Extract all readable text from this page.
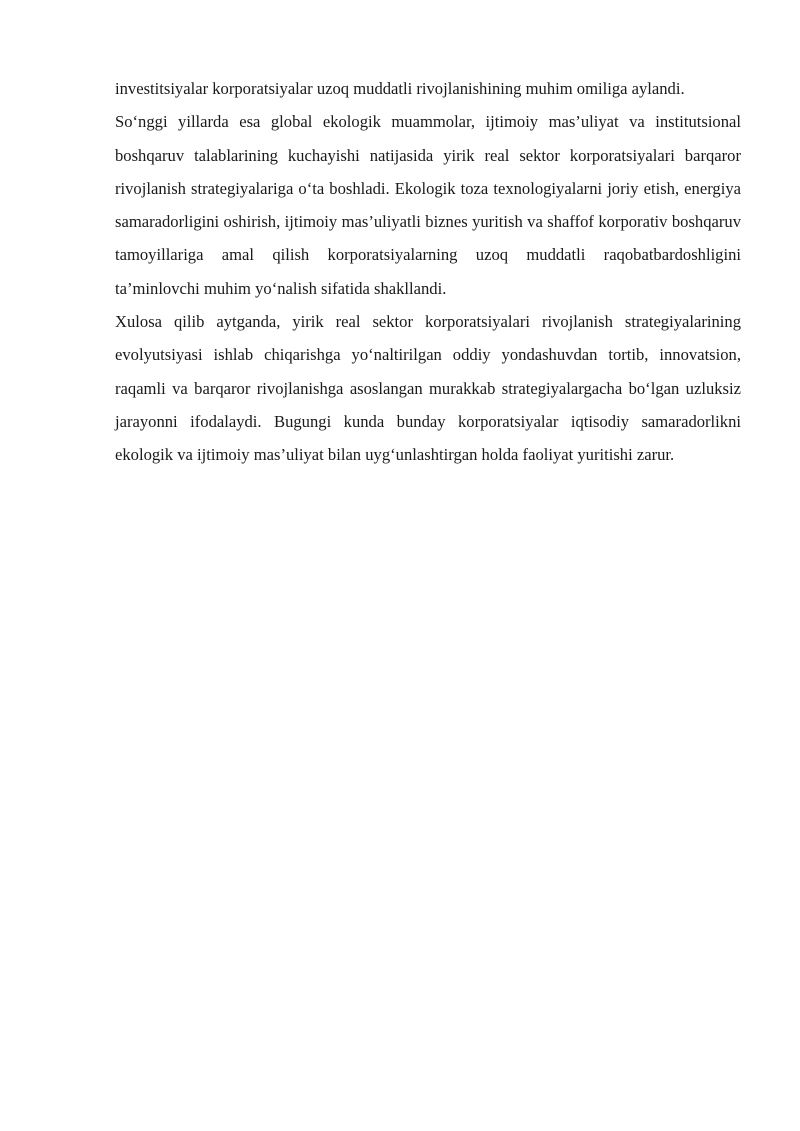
investitsiyalar korporatsiyalar uzoq muddatli rivojlanishining muhim omiliga aylandi.

So‘nggi yillarda esa global ekologik muammolar, ijtimoiy mas’uliyat va institutsional boshqaruv talablarining kuchayishi natijasida yirik real sektor korporatsiyalari barqaror rivojlanish strategiyalariga o‘ta boshladi. Ekologik toza texnologiyalarni joriy etish, energiya samaradorligini oshirish, ijtimoiy mas’uliyatli biznes yuritish va shaffof korporativ boshqaruv tamoyillariga amal qilish korporatsiyalarning uzoq muddatli raqobatbardoshligini ta’minlovchi muhim yo‘nalish sifatida shakllandi.

Xulosa qilib aytganda, yirik real sektor korporatsiyalari rivojlanish strategiyalarining evolyutsiyasi ishlab chiqarishga yo‘naltirilgan oddiy yondashuvdan tortib, innovatsion, raqamli va barqaror rivojlanishga asoslangan murakkab strategiyalargacha bo‘lgan uzluksiz jarayonni ifodalaydi. Bugungi kunda bunday korporatsiyalar iqtisodiy samaradorlikni ekologik va ijtimoiy mas’uliyat bilan uyg‘unlashtirgan holda faoliyat yuritishi zarur.
